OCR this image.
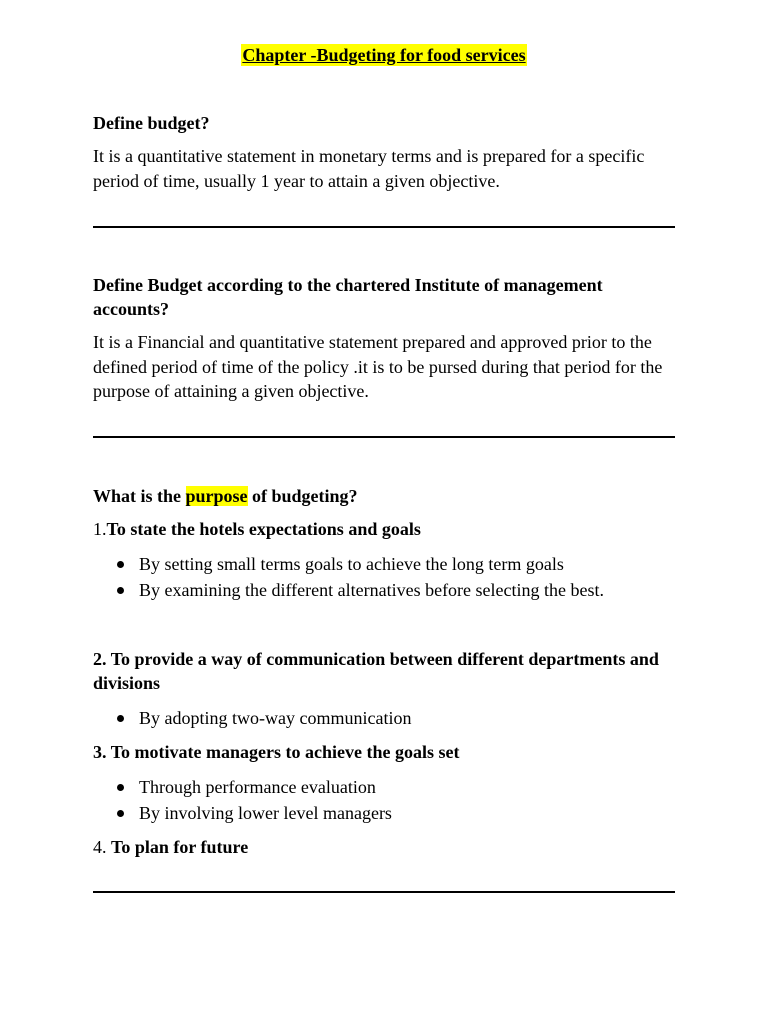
Chapter -Budgeting for food services

Define budget?

It is a quantitative statement in monetary terms and is prepared for a specific period of time, usually 1 year to attain a given objective.

Define Budget according to the chartered Institute of management accounts?

It is a Financial and quantitative statement prepared and approved prior to the defined period of time of the policy .it is to be pursed during that period for the purpose of attaining a given objective.

What is the purpose of budgeting?

1.To state the hotels expectations and goals

By setting small terms goals to achieve the long term goals
By examining the different alternatives before selecting the best.

2. To provide a way of communication between different departments and divisions

By adopting two-way communication

3. To motivate managers to achieve the goals set

Through performance evaluation
By involving lower level managers

4. To plan for future
